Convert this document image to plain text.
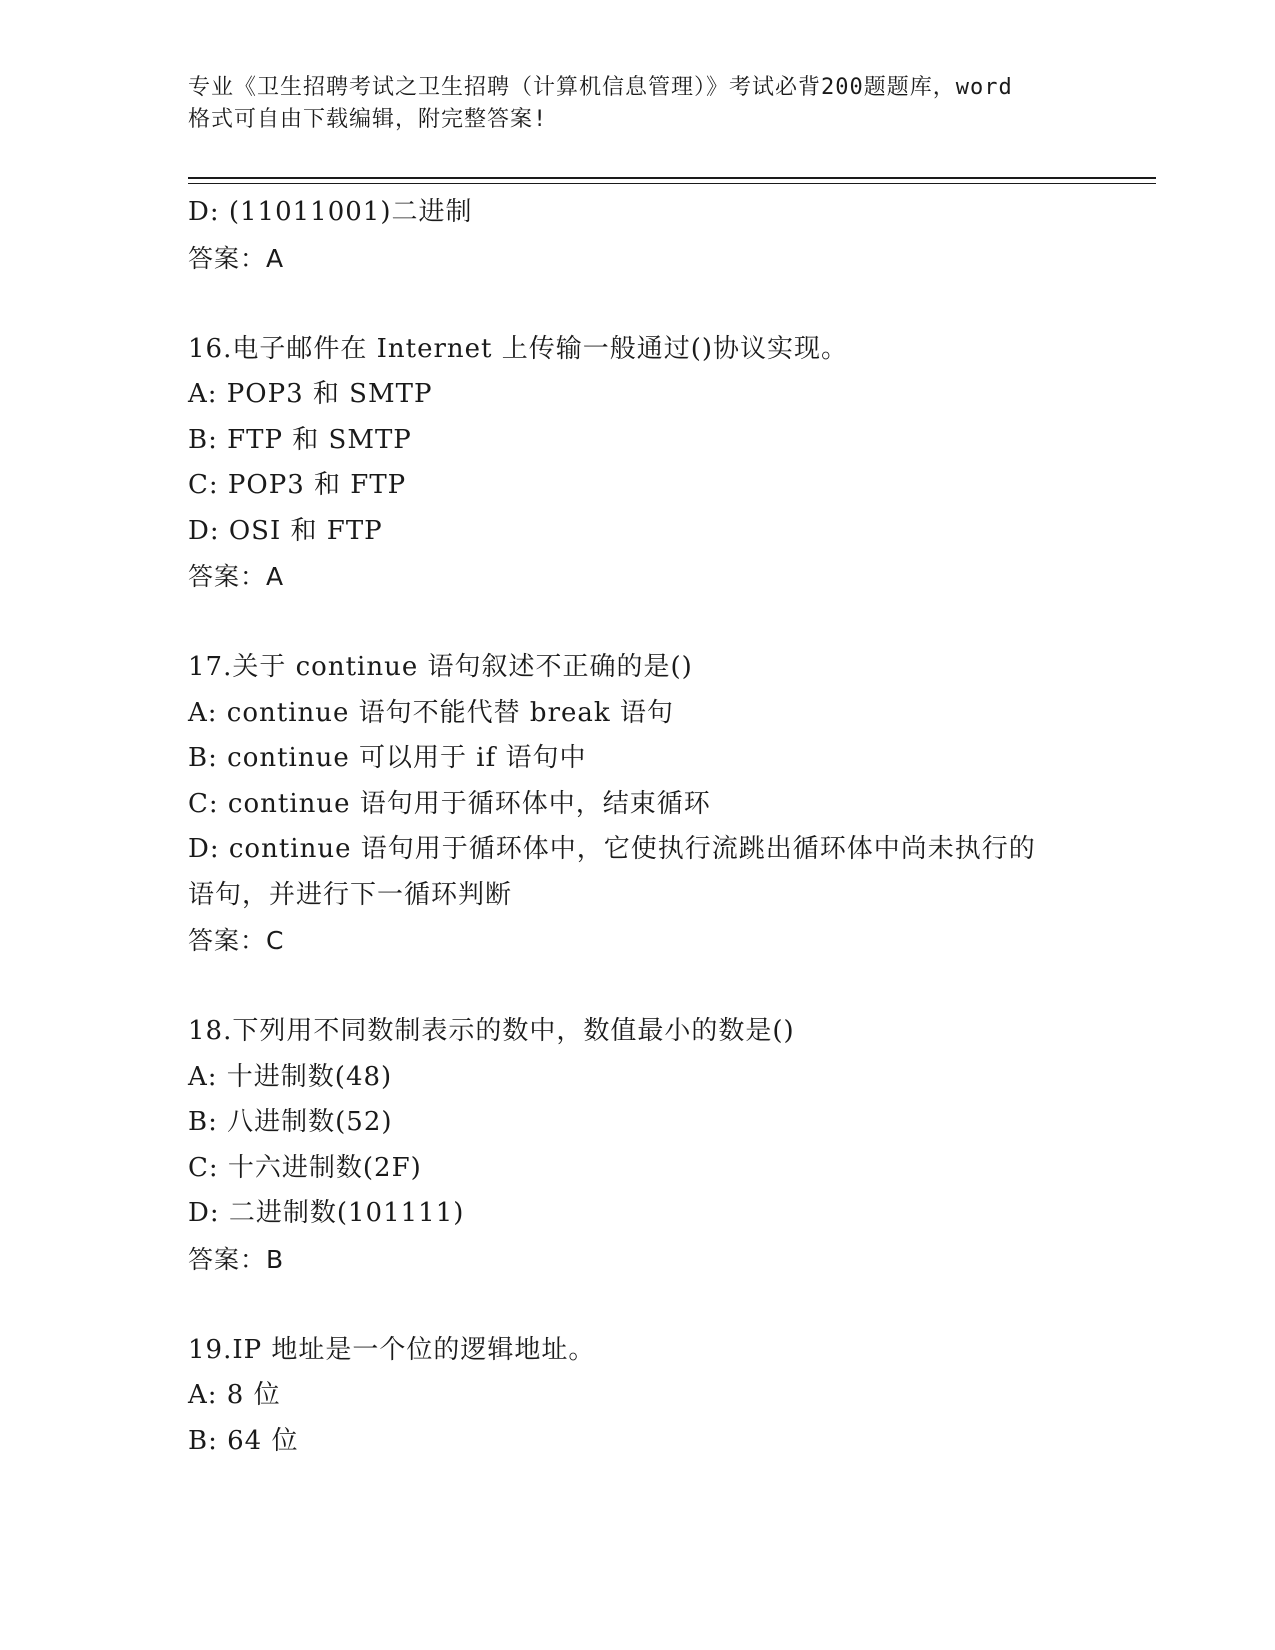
专业《卫生招聘考试之卫生招聘（计算机信息管理）》考试必背200题题库，word
格式可自由下载编辑，附完整答案!
D: (11011001)二进制
答案：A
16.电子邮件在 Internet 上传输一般通过()协议实现。
A: POP3 和 SMTP
B: FTP 和 SMTP
C: POP3 和 FTP
D: OSI 和 FTP
答案：A
17.关于 continue 语句叙述不正确的是()
A: continue 语句不能代替 break 语句
B: continue 可以用于 if 语句中
C: continue 语句用于循环体中，结束循环
D: continue 语句用于循环体中，它使执行流跳出循环体中尚未执行的
语句，并进行下一循环判断
答案：C
18.下列用不同数制表示的数中，数值最小的数是()
A: 十进制数(48)
B: 八进制数(52)
C: 十六进制数(2F)
D: 二进制数(101111)
答案：B
19.IP 地址是一个位的逻辑地址。
A: 8 位
B: 64 位
